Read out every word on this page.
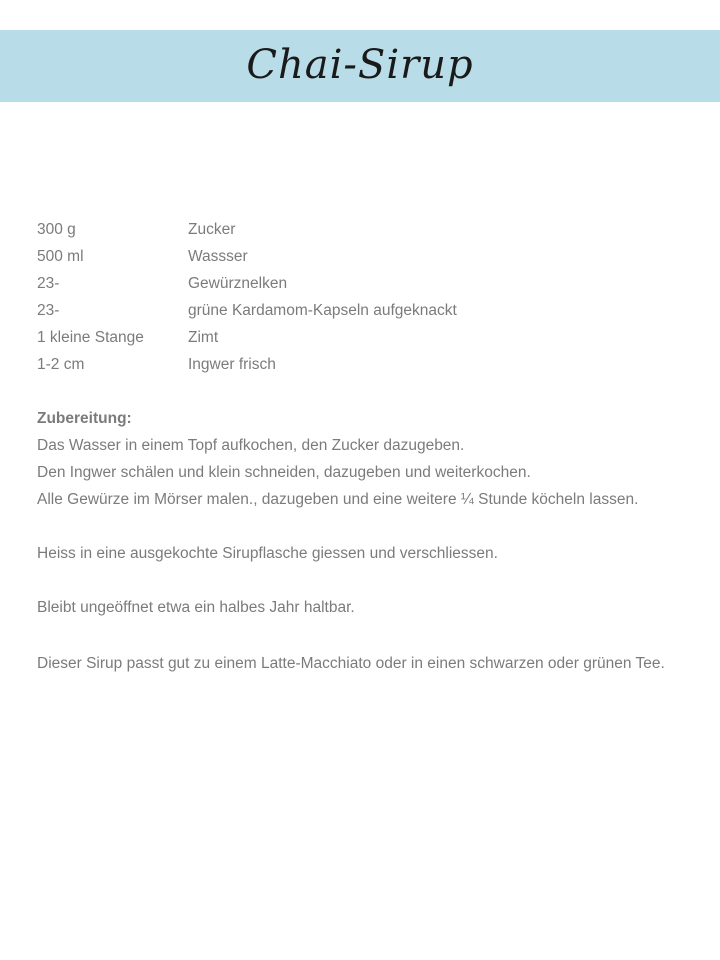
Chai-Sirup
300 g	Zucker
500 ml	Wassser
23-	Gewürznelken
23-	grüne Kardamom-Kapseln aufgeknackt
1 kleine Stange	Zimt
1-2 cm	Ingwer frisch
Zubereitung:

Das Wasser in einem Topf aufkochen, den Zucker dazugeben.

Den Ingwer schälen und klein schneiden, dazugeben und weiterkochen.

Alle Gewürze im Mörser malen., dazugeben und eine weitere ¼ Stunde köcheln lassen.

Heiss in eine ausgekochte Sirupflasche giessen und verschliessen.

Bleibt ungeöffnet etwa ein halbes Jahr haltbar.

Dieser Sirup passt gut zu einem Latte-Macchiato oder in einen schwarzen oder grünen Tee.
